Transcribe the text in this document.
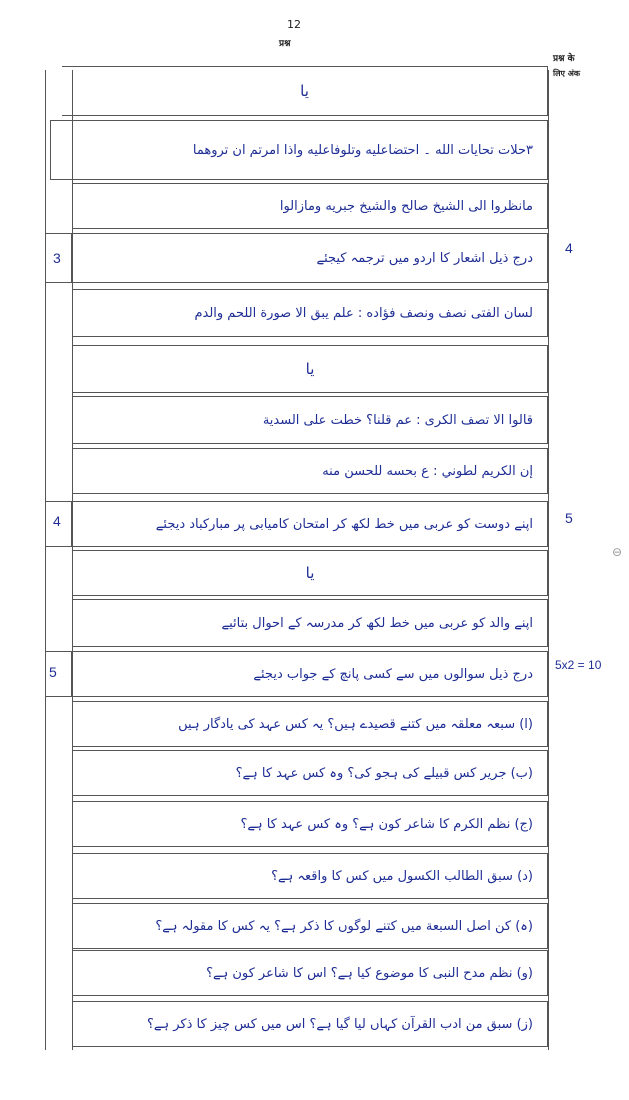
12
प्रश्न
प्रश्न के
लिए अंक
یا
٣حلات تحايات الله ۔ احتضاعليه وتلوفاعليه واذا امرتم ان تروهما
مانظروا الى الشيخ صالح والشيخ جبريه ومازالوا
درج ذیل اشعار کا اردو میں ترجمہ کیجئے
لسان الفتی نصف ونصف فؤاده : علم يبق الا صورة اللحم والدم
یا
قالوا الا تصف الكرى : عم قلنا؟ خطت على السدية
إن الكريم لطوني : ع بحسه للحسن منه
اپنے دوست کو عربی میں خط لکھ کر امتحان کامیابی پر مبارکباد دیجئے
یا
اپنے والد کو عربی میں خط لکھ کر مدرسہ کے احوال بتائیے
درج ذیل سوالوں میں سے کسی پانچ کے جواب دیجئے
(ا) سبعہ معلقہ میں کتنے قصیدے ہیں؟ یہ کس عہد کی یادگار ہیں
(ب) جریر کس قبیلے کی ہجو کی؟ وہ کس عہد کا ہے؟
(ج) نظم الکرم کا شاعر کون ہے؟ وہ کس عہد کا ہے؟
(د) سبق الطالب الکسول میں کس کا واقعہ ہے؟
(ہ) کن اصل السبعة میں کتنے لوگوں کا ذکر ہے؟ یہ کس کا مقولہ ہے؟
(و) نظم مدح النبی کا موضوع کیا ہے؟ اس کا شاعر کون ہے؟
(ز) سبق من ادب القرآن کہاں لیا گیا ہے؟ اس میں کس چیز کا ذکر ہے؟
3
4
5
4
5
5x2 = 10
⊖
